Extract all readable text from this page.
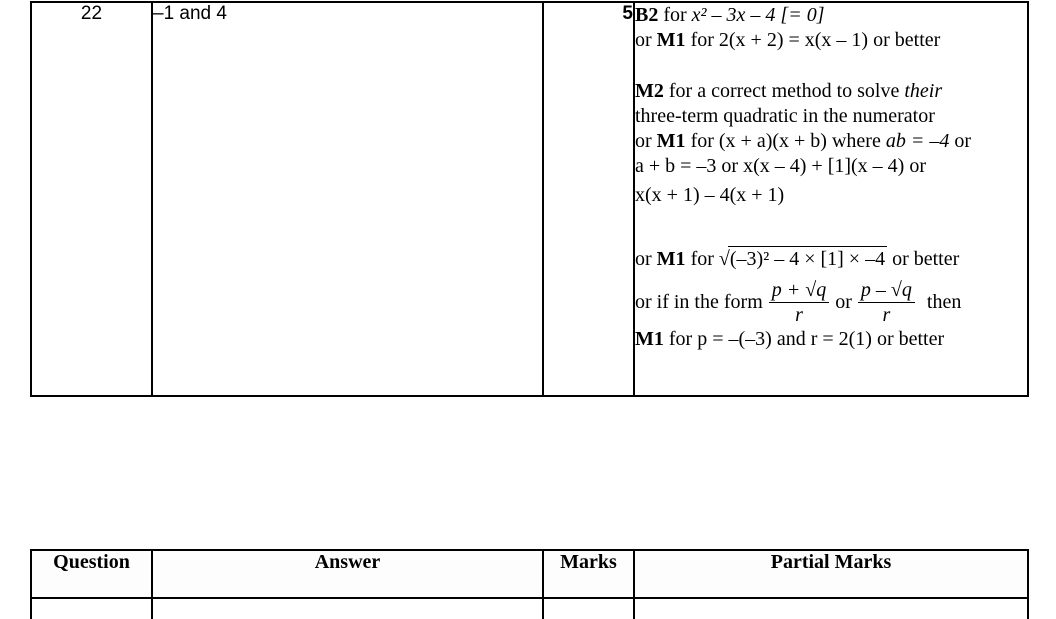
22	–1 and 4	5	B2 for x² – 3x – 4 [= 0]
or M1 for 2(x + 2) = x(x – 1) or better
M2 for a correct method to solve their
three-term quadratic in the numerator
or M1 for (x + a)(x + b) where ab = –4 or
a + b = –3 or x(x – 4) + [1](x – 4) or
x(x + 1) – 4(x + 1)
or M1 for √(–3)² – 4 × [1] × –4 or better
or if in the form $\frac{p + √q}{r}$ or $\frac{p - √q}{r}$ then
M1 for p = –(–3) and r = 2(1) or better
Question	Answer	Marks	Partial Marks
